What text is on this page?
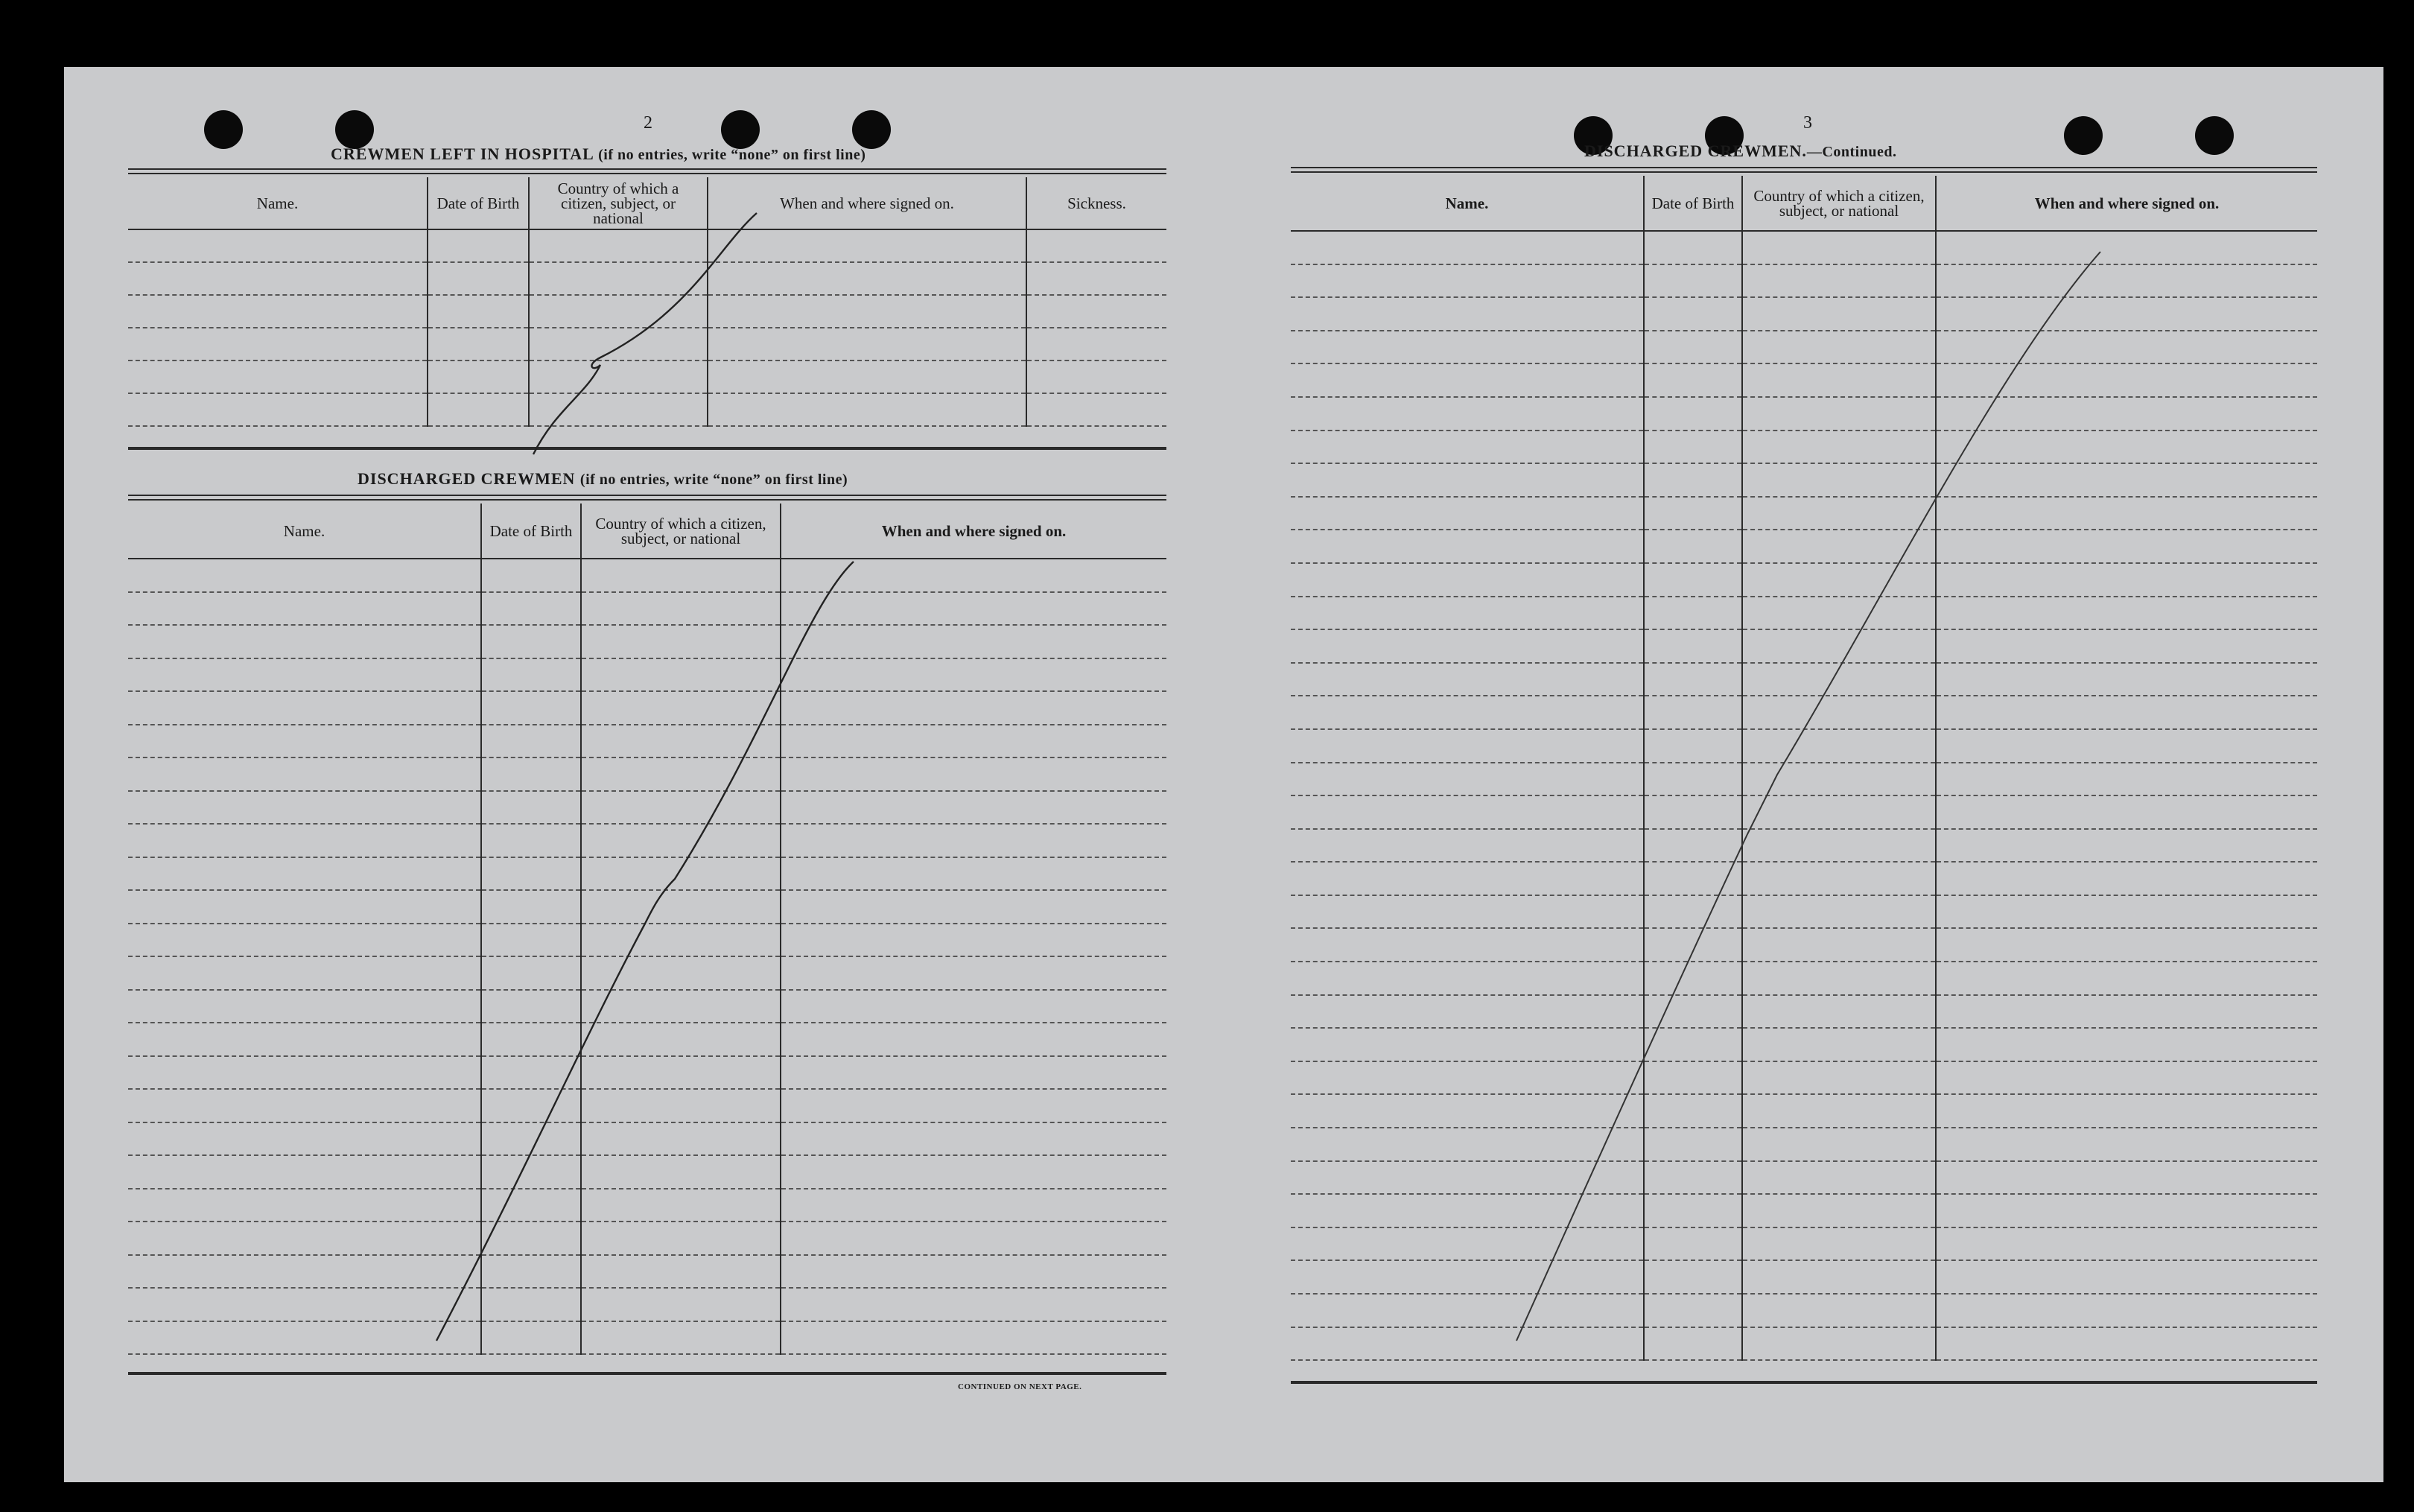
2
CREWMEN LEFT IN HOSPITAL (if no entries, write “none” on first line)
Name.	Date of Birth	Country of which a citizen, subject, or national	When and where signed on.	Sickness.

DISCHARGED CREWMEN (if no entries, write “none” on first line)
Name.	Date of Birth	Country of which a citizen, subject, or national	When and where signed on.

CONTINUED ON NEXT PAGE.
3
DISCHARGED CREWMEN.—Continued.
Name.	Date of Birth	Country of which a citizen, subject, or national	When and where signed on.
